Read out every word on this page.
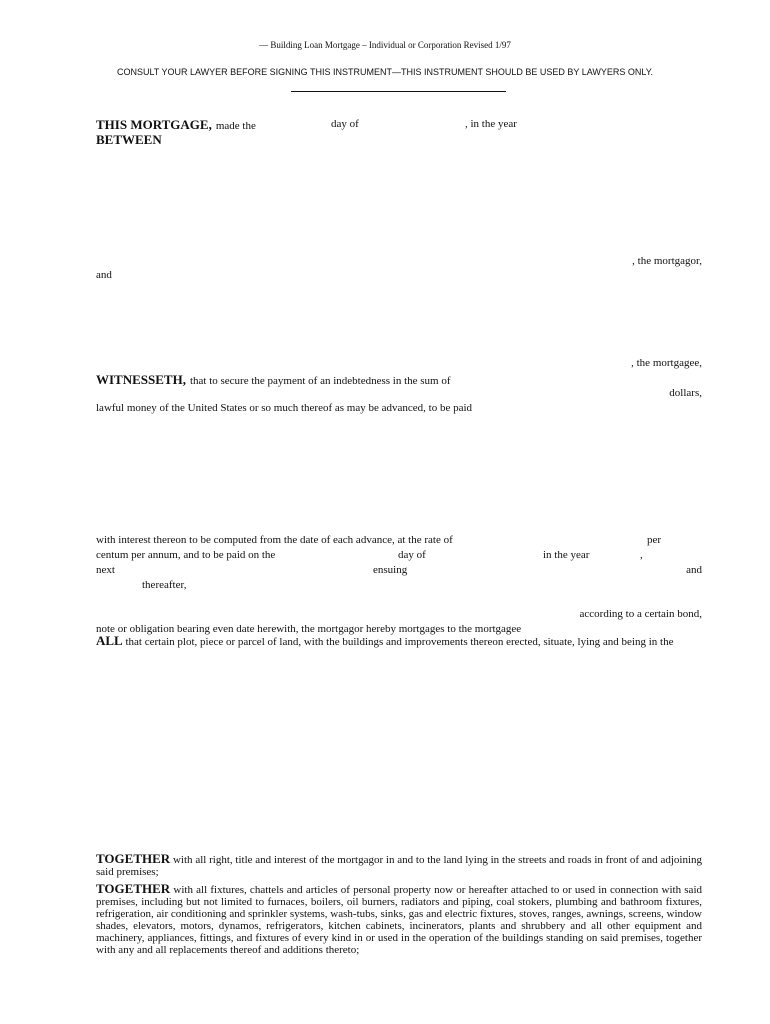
— Building Loan Mortgage – Individual or Corporation Revised 1/97
CONSULT YOUR LAWYER BEFORE SIGNING THIS INSTRUMENT—THIS INSTRUMENT SHOULD BE USED BY LAWYERS ONLY.
THIS MORTGAGE, made the	day of	, in the year
BETWEEN
, the mortgagor,
and
, the mortgagee,
WITNESSETH, that to secure the payment of an indebtedness in the sum of
dollars,
lawful money of the United States or so much thereof as may be advanced, to be paid
with interest thereon to be computed from the date of each advance, at the rate of	per
centum per annum, and to be paid on the	day of	in the year	,
next	ensuing	and
thereafter,
according to a certain bond,
note or obligation bearing even date herewith, the mortgagor hereby mortgages to the mortgagee
ALL that certain plot, piece or parcel of land, with the buildings and improvements thereon erected, situate, lying and being in the
TOGETHER with all right, title and interest of the mortgagor in and to the land lying in the streets and roads in front of and adjoining said premises;
TOGETHER with all fixtures, chattels and articles of personal property now or hereafter attached to or used in connection with said premises, including but not limited to furnaces, boilers, oil burners, radiators and piping, coal stokers, plumbing and bathroom fixtures, refrigeration, air conditioning and sprinkler systems, wash-tubs, sinks, gas and electric fixtures, stoves, ranges, awnings, screens, window shades, elevators, motors, dynamos, refrigerators, kitchen cabinets, incinerators, plants and shrubbery and all other equipment and machinery, appliances, fittings, and fixtures of every kind in or used in the operation of the buildings standing on said premises, together with any and all replacements thereof and additions thereto;
